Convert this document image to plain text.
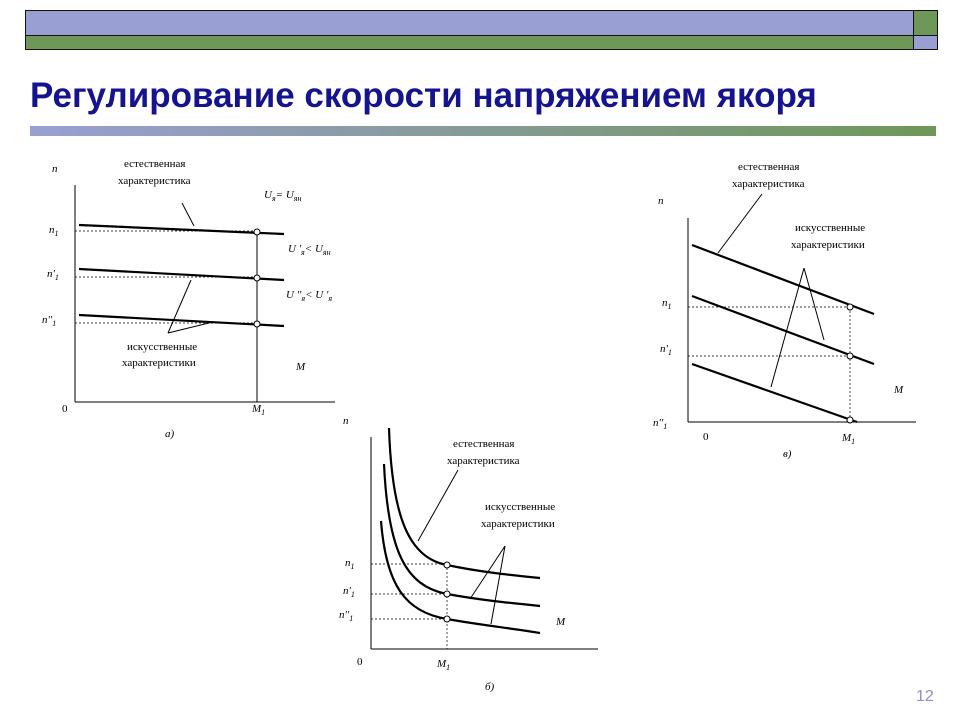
Регулирование скорости напряжением якоря
n	естественная
характеристика
$n_1$
$n'_1$
$n''_1$
$U_я= U_{ян}$
U '$_я< U_{ян}$
U ''$_я< U$ '$_я$
искусственные
характеристики	M
0	$M_1$
а)
n
естественная
характеристика
искусственные
характеристики
$n_1$
$n'_1$
$n''_1$	M
0	$M_1$
б)
естественная
характеристика
n
искусственные
характеристики
$n_1$
$n'_1$
M
$n''_1$
0	$M_1$
в)
12
